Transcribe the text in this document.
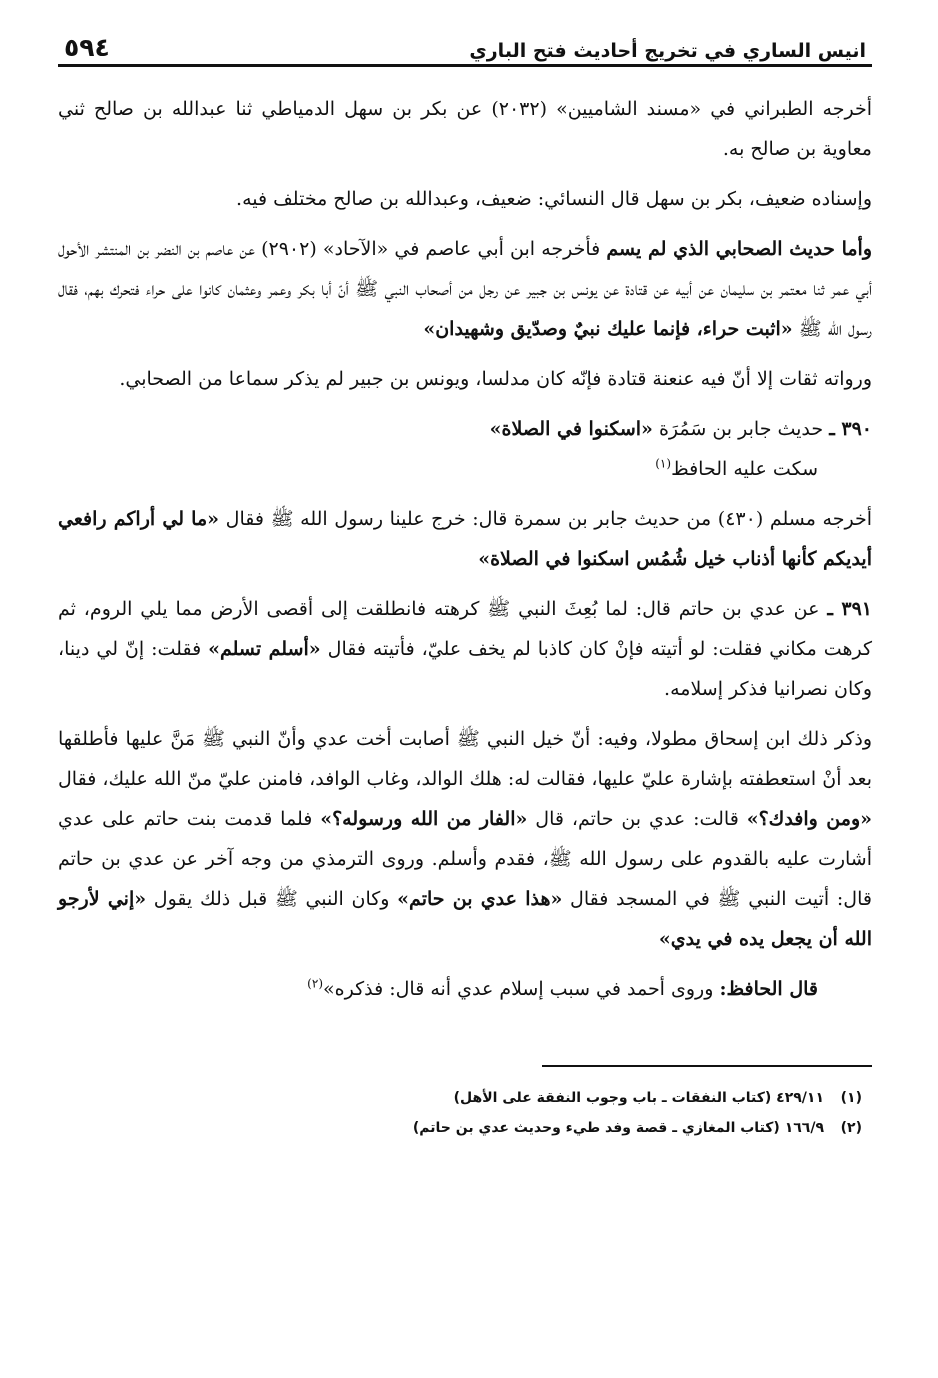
انيس الساري في تخريج أحاديث فتح الباري
٥٩٤

أخرجه الطبراني في «مسند الشاميين» (٢٠٣٢) عن بكر بن سهل الدمياطي ثنا عبدالله بن صالح ثني معاوية بن صالح به.

وإسناده ضعيف، بكر بن سهل قال النسائي: ضعيف، وعبدالله بن صالح مختلف فيه.

وأما حديث الصحابي الذي لم يسم فأخرجه ابن أبي عاصم في «الآحاد» (٢٩٠٢) عن عاصم بن النضر بن المنتشر الأحول أبي عمر ثنا معتمر بن سليمان عن أبيه عن قتادة عن يونس بن جبير عن رجل من أصحاب النبي ﷺ أنّ أبا بكر وعمر وعثمان كانوا على حراء فتحرك بهم، فقال رسول الله ﷺ «اثبت حراء، فإنما عليك نبيٌ وصدّيق وشهيدان»

ورواته ثقات إلا أنّ فيه عنعنة قتادة فإنّه كان مدلسا، ويونس بن جبير لم يذكر سماعا من الصحابي.

٣٩٠ ـ حديث جابر بن سَمُرَة «اسكنوا في الصلاة»

سكت عليه الحافظ$^{(١)}$

أخرجه مسلم (٤٣٠) من حديث جابر بن سمرة قال: خرج علينا رسول الله ﷺ فقال «ما لي أراكم رافعي أيديكم كأنها أذناب خيل شُمُس اسكنوا في الصلاة»

٣٩١ ـ عن عدي بن حاتم قال: لما بُعِثَ النبي ﷺ كرهته فانطلقت إلى أقصى الأرض مما يلي الروم، ثم كرهت مكاني فقلت: لو أتيته فإنْ كان كاذبا لم يخف عليّ، فأتيته فقال «أسلم تسلم» فقلت: إنّ لي دينا، وكان نصرانيا فذكر إسلامه.

وذكر ذلك ابن إسحاق مطولا، وفيه: أنّ خيل النبي ﷺ أصابت أخت عدي وأنّ النبي ﷺ مَنَّ عليها فأطلقها بعد أنْ استعطفته بإشارة عليّ عليها، فقالت له: هلك الوالد، وغاب الوافد، فامنن عليّ منّ الله عليك، فقال «ومن وافدك؟» قالت: عدي بن حاتم، قال «الفار من الله ورسوله؟» فلما قدمت بنت حاتم على عدي أشارت عليه بالقدوم على رسول الله ﷺ، فقدم وأسلم. وروى الترمذي من وجه آخر عن عدي بن حاتم قال: أتيت النبي ﷺ في المسجد فقال «هذا عدي بن حاتم» وكان النبي ﷺ قبل ذلك يقول «إني لأرجو الله أن يجعل يده في يدي»

قال الحافظ: وروى أحمد في سبب إسلام عدي أنه قال: فذكره»$^{(٢)}$

(١)٤٢٩/١١ (كتاب النفقات ـ باب وجوب النفقة على الأهل)

(٢)١٦٦/٩ (كتاب المغازي ـ قصة وفد طيء وحديث عدي بن حاتم)
